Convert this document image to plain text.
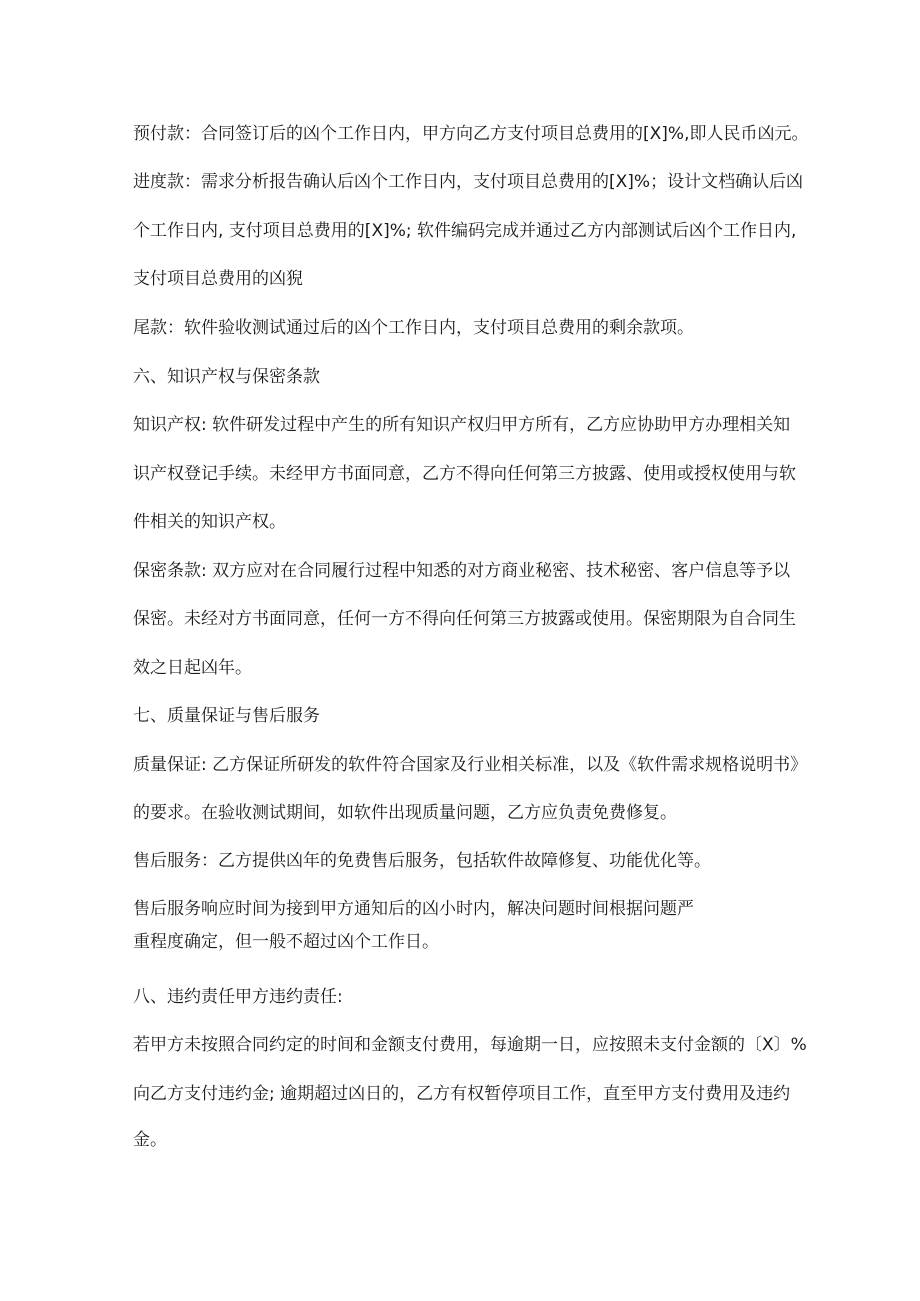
预付款：合同签订后的凶个工作日内，甲方向乙方支付项目总费用的[X]%,即人民币凶元。
进度款：需求分析报告确认后凶个工作日内，支付项目总费用的[X]%；设计文档确认后凶
个工作日内, 支付项目总费用的[X]%; 软件编码完成并通过乙方内部测试后凶个工作日内,
支付项目总费用的凶猊
尾款：软件验收测试通过后的凶个工作日内，支付项目总费用的剩余款项。
六、知识产权与保密条款
知识产权: 软件研发过程中产生的所有知识产权归甲方所有，乙方应协助甲方办理相关知
识产权登记手续。未经甲方书面同意，乙方不得向任何第三方披露、使用或授权使用与软
件相关的知识产权。
保密条款: 双方应对在合同履行过程中知悉的对方商业秘密、技术秘密、客户信息等予以
保密。未经对方书面同意，任何一方不得向任何第三方披露或使用。保密期限为自合同生
效之日起凶年。
七、质量保证与售后服务
质量保证: 乙方保证所研发的软件符合国家及行业相关标准，以及《软件需求规格说明书》
的要求。在验收测试期间，如软件出现质量问题，乙方应负责免费修复。
售后服务：乙方提供凶年的免费售后服务，包括软件故障修复、功能优化等。
售后服务响应时间为接到甲方通知后的凶小时内，解决问题时间根据问题严
重程度确定，但一般不超过凶个工作日。
八、违约责任甲方违约责任:
若甲方未按照合同约定的时间和金额支付费用，每逾期一日，应按照未支付金额的〔X〕%
向乙方支付违约金; 逾期超过凶日的，乙方有权暂停项目工作，直至甲方支付费用及违约
金。
